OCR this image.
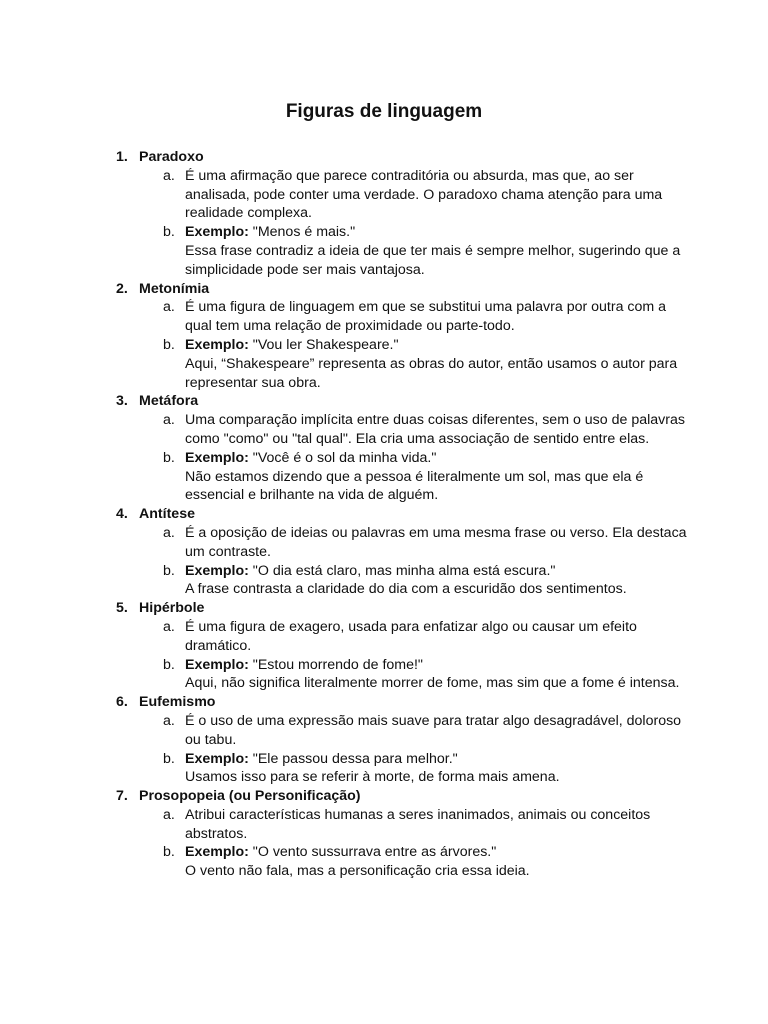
Figuras de linguagem
1. Paradoxo
a. É uma afirmação que parece contraditória ou absurda, mas que, ao ser analisada, pode conter uma verdade. O paradoxo chama atenção para uma realidade complexa.
b. Exemplo: "Menos é mais."
Essa frase contradiz a ideia de que ter mais é sempre melhor, sugerindo que a simplicidade pode ser mais vantajosa.
2. Metonímia
a. É uma figura de linguagem em que se substitui uma palavra por outra com a qual tem uma relação de proximidade ou parte-todo.
b. Exemplo: "Vou ler Shakespeare."
Aqui, “Shakespeare” representa as obras do autor, então usamos o autor para representar sua obra.
3. Metáfora
a. Uma comparação implícita entre duas coisas diferentes, sem o uso de palavras como "como" ou "tal qual". Ela cria uma associação de sentido entre elas.
b. Exemplo: "Você é o sol da minha vida."
Não estamos dizendo que a pessoa é literalmente um sol, mas que ela é essencial e brilhante na vida de alguém.
4. Antítese
a. É a oposição de ideias ou palavras em uma mesma frase ou verso. Ela destaca um contraste.
b. Exemplo: "O dia está claro, mas minha alma está escura."
A frase contrasta a claridade do dia com a escuridão dos sentimentos.
5. Hipérbole
a. É uma figura de exagero, usada para enfatizar algo ou causar um efeito dramático.
b. Exemplo: "Estou morrendo de fome!"
Aqui, não significa literalmente morrer de fome, mas sim que a fome é intensa.
6. Eufemismo
a. É o uso de uma expressão mais suave para tratar algo desagradável, doloroso ou tabu.
b. Exemplo: "Ele passou dessa para melhor."
Usamos isso para se referir à morte, de forma mais amena.
7. Prosopopeia (ou Personificação)
a. Atribui características humanas a seres inanimados, animais ou conceitos abstratos.
b. Exemplo: "O vento sussurrava entre as árvores."
O vento não fala, mas a personificação cria essa ideia.
